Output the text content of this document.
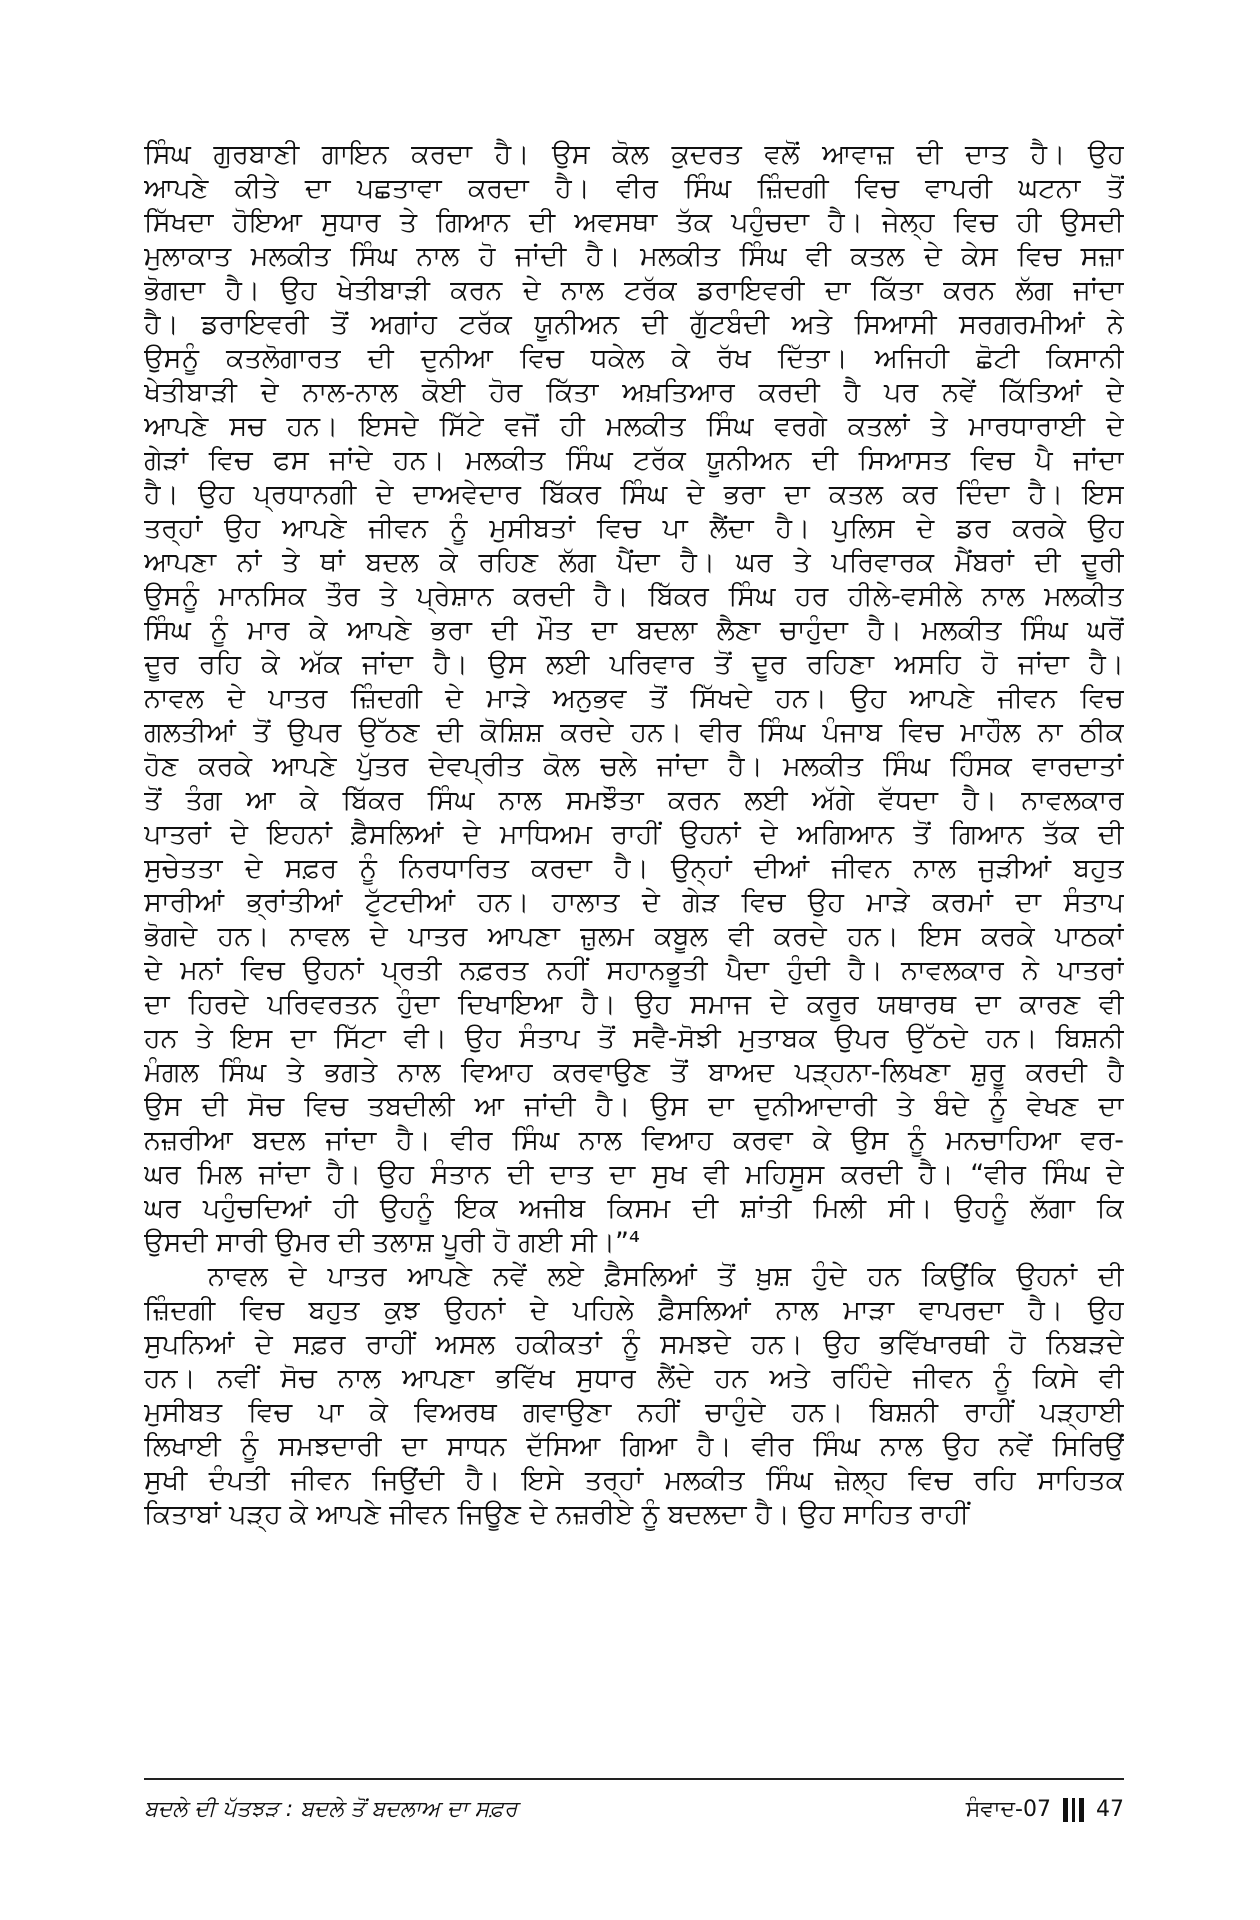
ਸਿੰਘ ਗੁਰਬਾਣੀ ਗਾਇਨ ਕਰਦਾ ਹੈ। ਉਸ ਕੋਲ ਕੁਦਰਤ ਵਲੋਂ ਆਵਾਜ਼ ਦੀ ਦਾਤ ਹੈ। ਉਹ
ਆਪਣੇ ਕੀਤੇ ਦਾ ਪਛਤਾਵਾ ਕਰਦਾ ਹੈ। ਵੀਰ ਸਿੰਘ ਜ਼ਿੰਦਗੀ ਵਿਚ ਵਾਪਰੀ ਘਟਨਾ ਤੋਂ
ਸਿੱਖਦਾ ਹੋਇਆ ਸੁਧਾਰ ਤੇ ਗਿਆਨ ਦੀ ਅਵਸਥਾ ਤੱਕ ਪਹੁੰਚਦਾ ਹੈ। ਜੇਲ੍ਹ ਵਿਚ ਹੀ ਉਸਦੀ
ਮੁਲਾਕਾਤ ਮਲਕੀਤ ਸਿੰਘ ਨਾਲ ਹੋ ਜਾਂਦੀ ਹੈ। ਮਲਕੀਤ ਸਿੰਘ ਵੀ ਕਤਲ ਦੇ ਕੇਸ ਵਿਚ ਸਜ਼ਾ
ਭੋਗਦਾ ਹੈ। ਉਹ ਖੇਤੀਬਾੜੀ ਕਰਨ ਦੇ ਨਾਲ ਟਰੱਕ ਡਰਾਇਵਰੀ ਦਾ ਕਿੱਤਾ ਕਰਨ ਲੱਗ ਜਾਂਦਾ
ਹੈ। ਡਰਾਇਵਰੀ ਤੋਂ ਅਗਾਂਹ ਟਰੱਕ ਯੂਨੀਅਨ ਦੀ ਗੁੱਟਬੰਦੀ ਅਤੇ ਸਿਆਸੀ ਸਰਗਰਮੀਆਂ ਨੇ
ਉਸਨੂੰ ਕਤਲੋਗਾਰਤ ਦੀ ਦੁਨੀਆ ਵਿਚ ਧਕੇਲ ਕੇ ਰੱਖ ਦਿੱਤਾ। ਅਜਿਹੀ ਛੋਟੀ ਕਿਸਾਨੀ
ਖੇਤੀਬਾੜੀ ਦੇ ਨਾਲ-ਨਾਲ ਕੋਈ ਹੋਰ ਕਿੱਤਾ ਅਖ਼ਤਿਆਰ ਕਰਦੀ ਹੈ ਪਰ ਨਵੇਂ ਕਿੱਤਿਆਂ ਦੇ
ਆਪਣੇ ਸਚ ਹਨ। ਇਸਦੇ ਸਿੱਟੇ ਵਜੋਂ ਹੀ ਮਲਕੀਤ ਸਿੰਘ ਵਰਗੇ ਕਤਲਾਂ ਤੇ ਮਾਰਧਾਰਾਈ ਦੇ
ਗੇੜਾਂ ਵਿਚ ਫਸ ਜਾਂਦੇ ਹਨ। ਮਲਕੀਤ ਸਿੰਘ ਟਰੱਕ ਯੂਨੀਅਨ ਦੀ ਸਿਆਸਤ ਵਿਚ ਪੈ ਜਾਂਦਾ
ਹੈ। ਉਹ ਪ੍ਰਧਾਨਗੀ ਦੇ ਦਾਅਵੇਦਾਰ ਬਿੱਕਰ ਸਿੰਘ ਦੇ ਭਰਾ ਦਾ ਕਤਲ ਕਰ ਦਿੰਦਾ ਹੈ। ਇਸ
ਤਰ੍ਹਾਂ ਉਹ ਆਪਣੇ ਜੀਵਨ ਨੂੰ ਮੁਸੀਬਤਾਂ ਵਿਚ ਪਾ ਲੈਂਦਾ ਹੈ। ਪੁਲਿਸ ਦੇ ਡਰ ਕਰਕੇ ਉਹ
ਆਪਣਾ ਨਾਂ ਤੇ ਥਾਂ ਬਦਲ ਕੇ ਰਹਿਣ ਲੱਗ ਪੈਂਦਾ ਹੈ। ਘਰ ਤੇ ਪਰਿਵਾਰਕ ਮੈਂਬਰਾਂ ਦੀ ਦੂਰੀ
ਉਸਨੂੰ ਮਾਨਸਿਕ ਤੌਰ ਤੇ ਪ੍ਰੇਸ਼ਾਨ ਕਰਦੀ ਹੈ। ਬਿੱਕਰ ਸਿੰਘ ਹਰ ਹੀਲੇ-ਵਸੀਲੇ ਨਾਲ ਮਲਕੀਤ
ਸਿੰਘ ਨੂੰ ਮਾਰ ਕੇ ਆਪਣੇ ਭਰਾ ਦੀ ਮੌਤ ਦਾ ਬਦਲਾ ਲੈਣਾ ਚਾਹੁੰਦਾ ਹੈ। ਮਲਕੀਤ ਸਿੰਘ ਘਰੋਂ
ਦੂਰ ਰਹਿ ਕੇ ਅੱਕ ਜਾਂਦਾ ਹੈ। ਉਸ ਲਈ ਪਰਿਵਾਰ ਤੋਂ ਦੂਰ ਰਹਿਣਾ ਅਸਹਿ ਹੋ ਜਾਂਦਾ ਹੈ।
ਨਾਵਲ ਦੇ ਪਾਤਰ ਜ਼ਿੰਦਗੀ ਦੇ ਮਾੜੇ ਅਨੁਭਵ ਤੋਂ ਸਿੱਖਦੇ ਹਨ। ਉਹ ਆਪਣੇ ਜੀਵਨ ਵਿਚ
ਗਲਤੀਆਂ ਤੋਂ ਉਪਰ ਉੱਠਣ ਦੀ ਕੋਸ਼ਿਸ਼ ਕਰਦੇ ਹਨ। ਵੀਰ ਸਿੰਘ ਪੰਜਾਬ ਵਿਚ ਮਾਹੌਲ ਨਾ ਠੀਕ
ਹੋਣ ਕਰਕੇ ਆਪਣੇ ਪੁੱਤਰ ਦੇਵਪ੍ਰੀਤ ਕੋਲ ਚਲੇ ਜਾਂਦਾ ਹੈ। ਮਲਕੀਤ ਸਿੰਘ ਹਿੰਸਕ ਵਾਰਦਾਤਾਂ
ਤੋਂ ਤੰਗ ਆ ਕੇ ਬਿੱਕਰ ਸਿੰਘ ਨਾਲ ਸਮਝੌਤਾ ਕਰਨ ਲਈ ਅੱਗੇ ਵੱਧਦਾ ਹੈ। ਨਾਵਲਕਾਰ
ਪਾਤਰਾਂ ਦੇ ਇਹਨਾਂ ਫ਼ੈਸਲਿਆਂ ਦੇ ਮਾਧਿਅਮ ਰਾਹੀਂ ਉਹਨਾਂ ਦੇ ਅਗਿਆਨ ਤੋਂ ਗਿਆਨ ਤੱਕ ਦੀ
ਸੁਚੇਤਤਾ ਦੇ ਸਫ਼ਰ ਨੂੰ ਨਿਰਧਾਰਿਤ ਕਰਦਾ ਹੈ। ਉਨ੍ਹਾਂ ਦੀਆਂ ਜੀਵਨ ਨਾਲ ਜੁੜੀਆਂ ਬਹੁਤ
ਸਾਰੀਆਂ ਭ੍ਰਾਂਤੀਆਂ ਟੁੱਟਦੀਆਂ ਹਨ। ਹਾਲਾਤ ਦੇ ਗੇੜ ਵਿਚ ਉਹ ਮਾੜੇ ਕਰਮਾਂ ਦਾ ਸੰਤਾਪ
ਭੋਗਦੇ ਹਨ। ਨਾਵਲ ਦੇ ਪਾਤਰ ਆਪਣਾ ਜ਼ੁਲਮ ਕਬੂਲ ਵੀ ਕਰਦੇ ਹਨ। ਇਸ ਕਰਕੇ ਪਾਠਕਾਂ
ਦੇ ਮਨਾਂ ਵਿਚ ਉਹਨਾਂ ਪ੍ਰਤੀ ਨਫ਼ਰਤ ਨਹੀਂ ਸਹਾਨਭੂਤੀ ਪੈਦਾ ਹੁੰਦੀ ਹੈ। ਨਾਵਲਕਾਰ ਨੇ ਪਾਤਰਾਂ
ਦਾ ਹਿਰਦੇ ਪਰਿਵਰਤਨ ਹੁੰਦਾ ਦਿਖਾਇਆ ਹੈ। ਉਹ ਸਮਾਜ ਦੇ ਕਰੂਰ ਯਥਾਰਥ ਦਾ ਕਾਰਣ ਵੀ
ਹਨ ਤੇ ਇਸ ਦਾ ਸਿੱਟਾ ਵੀ। ਉਹ ਸੰਤਾਪ ਤੋਂ ਸਵੈ-ਸੋਝੀ ਮੁਤਾਬਕ ਉਪਰ ਉੱਠਦੇ ਹਨ। ਬਿਸ਼ਨੀ
ਮੰਗਲ ਸਿੰਘ ਤੇ ਭਗਤੇ ਨਾਲ ਵਿਆਹ ਕਰਵਾਉਣ ਤੋਂ ਬਾਅਦ ਪੜ੍ਹਨਾ-ਲਿਖਣਾ ਸ਼ੁਰੂ ਕਰਦੀ ਹੈ
ਉਸ ਦੀ ਸੋਚ ਵਿਚ ਤਬਦੀਲੀ ਆ ਜਾਂਦੀ ਹੈ। ਉਸ ਦਾ ਦੁਨੀਆਦਾਰੀ ਤੇ ਬੰਦੇ ਨੂੰ ਵੇਖਣ ਦਾ
ਨਜ਼ਰੀਆ ਬਦਲ ਜਾਂਦਾ ਹੈ। ਵੀਰ ਸਿੰਘ ਨਾਲ ਵਿਆਹ ਕਰਵਾ ਕੇ ਉਸ ਨੂੰ ਮਨਚਾਹਿਆ ਵਰ-
ਘਰ ਮਿਲ ਜਾਂਦਾ ਹੈ। ਉਹ ਸੰਤਾਨ ਦੀ ਦਾਤ ਦਾ ਸੁਖ ਵੀ ਮਹਿਸੂਸ ਕਰਦੀ ਹੈ। “ਵੀਰ ਸਿੰਘ ਦੇ
ਘਰ ਪਹੁੰਚਦਿਆਂ ਹੀ ਉਹਨੂੰ ਇਕ ਅਜੀਬ ਕਿਸਮ ਦੀ ਸ਼ਾਂਤੀ ਮਿਲੀ ਸੀ। ਉਹਨੂੰ ਲੱਗਾ ਕਿ
ਉਸਦੀ ਸਾਰੀ ਉਮਰ ਦੀ ਤਲਾਸ਼ ਪੂਰੀ ਹੋ ਗਈ ਸੀ।”⁴
ਨਾਵਲ ਦੇ ਪਾਤਰ ਆਪਣੇ ਨਵੇਂ ਲਏ ਫ਼ੈਸਲਿਆਂ ਤੋਂ ਖ਼ੁਸ਼ ਹੁੰਦੇ ਹਨ ਕਿਉਂਕਿ ਉਹਨਾਂ ਦੀ
ਜ਼ਿੰਦਗੀ ਵਿਚ ਬਹੁਤ ਕੁਝ ਉਹਨਾਂ ਦੇ ਪਹਿਲੇ ਫ਼ੈਸਲਿਆਂ ਨਾਲ ਮਾੜਾ ਵਾਪਰਦਾ ਹੈ। ਉਹ
ਸੁਪਨਿਆਂ ਦੇ ਸਫ਼ਰ ਰਾਹੀਂ ਅਸਲ ਹਕੀਕਤਾਂ ਨੂੰ ਸਮਝਦੇ ਹਨ। ਉਹ ਭਵਿੱਖਾਰਥੀ ਹੋ ਨਿਬੜਦੇ
ਹਨ। ਨਵੀਂ ਸੋਚ ਨਾਲ ਆਪਣਾ ਭਵਿੱਖ ਸੁਧਾਰ ਲੈਂਦੇ ਹਨ ਅਤੇ ਰਹਿੰਦੇ ਜੀਵਨ ਨੂੰ ਕਿਸੇ ਵੀ
ਮੁਸੀਬਤ ਵਿਚ ਪਾ ਕੇ ਵਿਅਰਥ ਗਵਾਉਣਾ ਨਹੀਂ ਚਾਹੁੰਦੇ ਹਨ। ਬਿਸ਼ਨੀ ਰਾਹੀਂ ਪੜ੍ਹਾਈ
ਲਿਖਾਈ ਨੂੰ ਸਮਝਦਾਰੀ ਦਾ ਸਾਧਨ ਦੱਸਿਆ ਗਿਆ ਹੈ। ਵੀਰ ਸਿੰਘ ਨਾਲ ਉਹ ਨਵੇਂ ਸਿਰਿਉਂ
ਸੁਖੀ ਦੰਪਤੀ ਜੀਵਨ ਜਿਉਂਦੀ ਹੈ। ਇਸੇ ਤਰ੍ਹਾਂ ਮਲਕੀਤ ਸਿੰਘ ਜ਼ੇਲ੍ਹ ਵਿਚ ਰਹਿ ਸਾਹਿਤਕ
ਕਿਤਾਬਾਂ ਪੜ੍ਹ ਕੇ ਆਪਣੇ ਜੀਵਨ ਜਿਊਣ ਦੇ ਨਜ਼ਰੀਏ ਨੂੰ ਬਦਲਦਾ ਹੈ। ਉਹ ਸਾਹਿਤ ਰਾਹੀਂ
ਬਦਲੇ ਦੀ ਪੱਤਝੜ : ਬਦਲੇ ਤੋਂ ਬਦਲਾਅ ਦਾ ਸਫ਼ਰ	ਸੰਵਾਦ-07 47
